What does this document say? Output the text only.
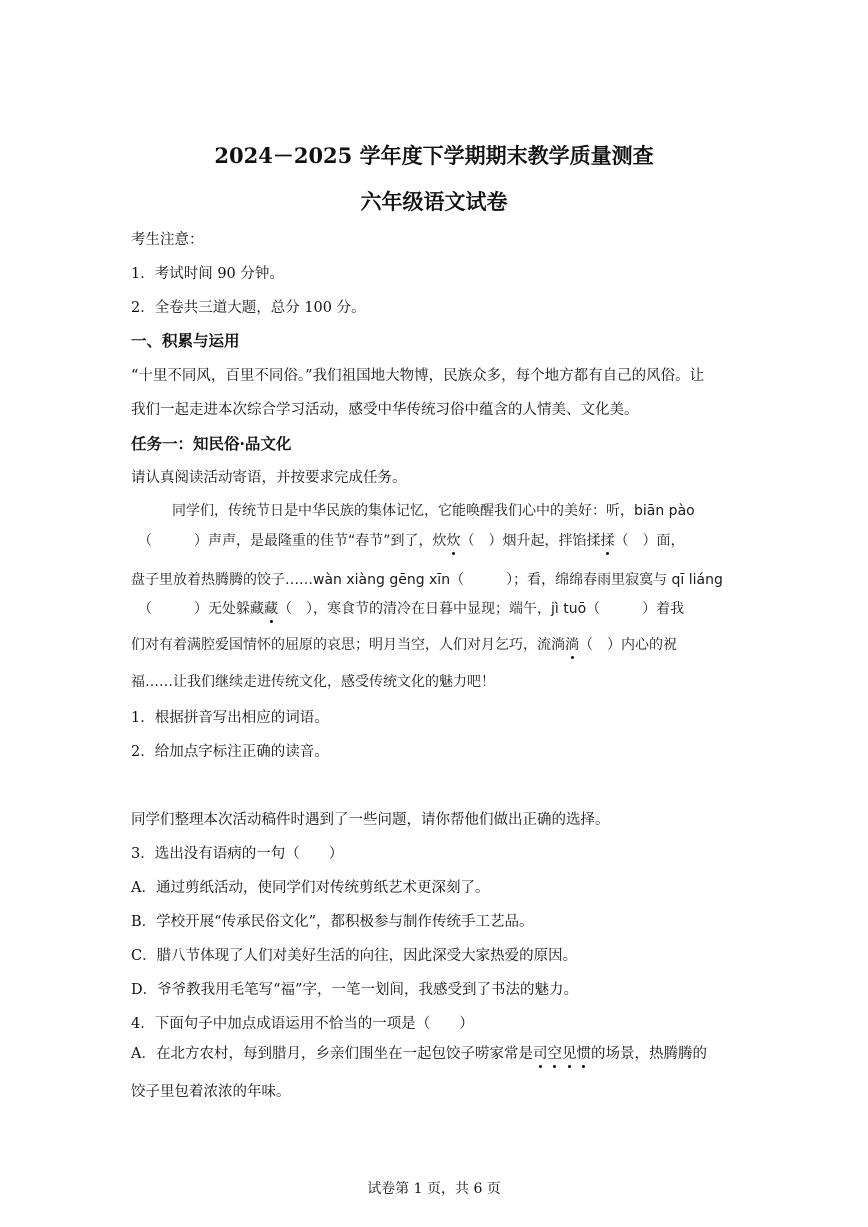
2024－2025 学年度下学期期末教学质量测查
六年级语文试卷
考生注意：
1．考试时间 90 分钟。
2．全卷共三道大题，总分 100 分。
一、积累与运用
“十里不同风，百里不同俗。”我们祖国地大物博，民族众多，每个地方都有自己的风俗。让
我们一起走进本次综合学习活动，感受中华传统习俗中蕴含的人情美、文化美。
任务一：知民俗·品文化
请认真阅读活动寄语，并按要求完成任务。
同学们，传统节日是中华民族的集体记忆，它能唤醒我们心中的美好：听，biān pào
（　　　）声声，是最隆重的佳节“春节”到了，炊炊（　）烟升起，拌馅揉揉（　）面，
盘子里放着热腾腾的饺子……wàn xiàng gēng xīn（　　　）；看，绵绵春雨里寂寞与 qī liáng
（　　　）无处躲藏藏（　），寒食节的清冷在日暮中显现；端午，jì tuō（　　　）着我
们对有着满腔爱国情怀的屈原的哀思；明月当空，人们对月乞巧，流淌淌（　）内心的祝
福……让我们继续走进传统文化，感受传统文化的魅力吧！
1．根据拼音写出相应的词语。
2．给加点字标注正确的读音。
同学们整理本次活动稿件时遇到了一些问题，请你帮他们做出正确的选择。
3．选出没有语病的一句（　　）
A．通过剪纸活动，使同学们对传统剪纸艺术更深刻了。
B．学校开展“传承民俗文化”，都积极参与制作传统手工艺品。
C．腊八节体现了人们对美好生活的向往，因此深受大家热爱的原因。
D．爷爷教我用毛笔写“福”字，一笔一划间，我感受到了书法的魅力。
4．下面句子中加点成语运用不恰当的一项是（　　）
A．在北方农村，每到腊月，乡亲们围坐在一起包饺子唠家常是司空见惯的场景，热腾腾的
饺子里包着浓浓的年味。
试卷第 1 页，共 6 页
